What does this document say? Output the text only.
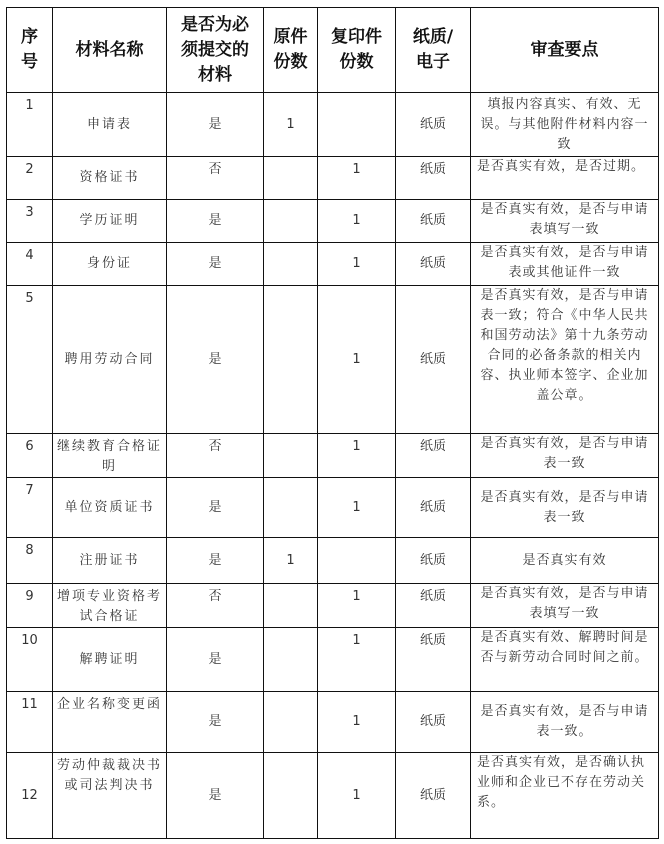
序号	材料名称	是否为必须提交的材料	原件份数	复印件份数	纸质/电子	审查要点
1	申请表	是	1		纸质	填报内容真实、有效、无误。与其他附件材料内容一致
2	资格证书	否		1	纸质	是否真实有效，是否过期。
3	学历证明	是		1	纸质	是否真实有效，是否与申请表填写一致
4	身份证	是		1	纸质	是否真实有效，是否与申请表或其他证件一致
5	聘用劳动合同	是		1	纸质	是否真实有效，是否与申请表一致；符合《中华人民共和国劳动法》第十九条劳动合同的必备条款的相关内容、执业师本签字、企业加盖公章。
6	继续教育合格证明	否		1	纸质	是否真实有效，是否与申请表一致
7	单位资质证书	是		1	纸质	是否真实有效，是否与申请表一致
8	注册证书	是	1		纸质	是否真实有效
9	增项专业资格考试合格证	否		1	纸质	是否真实有效，是否与申请表填写一致
10	解聘证明	是		1	纸质	是否真实有效、解聘时间是否与新劳动合同时间之前。
11	企业名称变更函	是		1	纸质	是否真实有效，是否与申请表一致。
12	劳动仲裁裁决书或司法判决书	是		1	纸质	是否真实有效，是否确认执业师和企业已不存在劳动关系。
